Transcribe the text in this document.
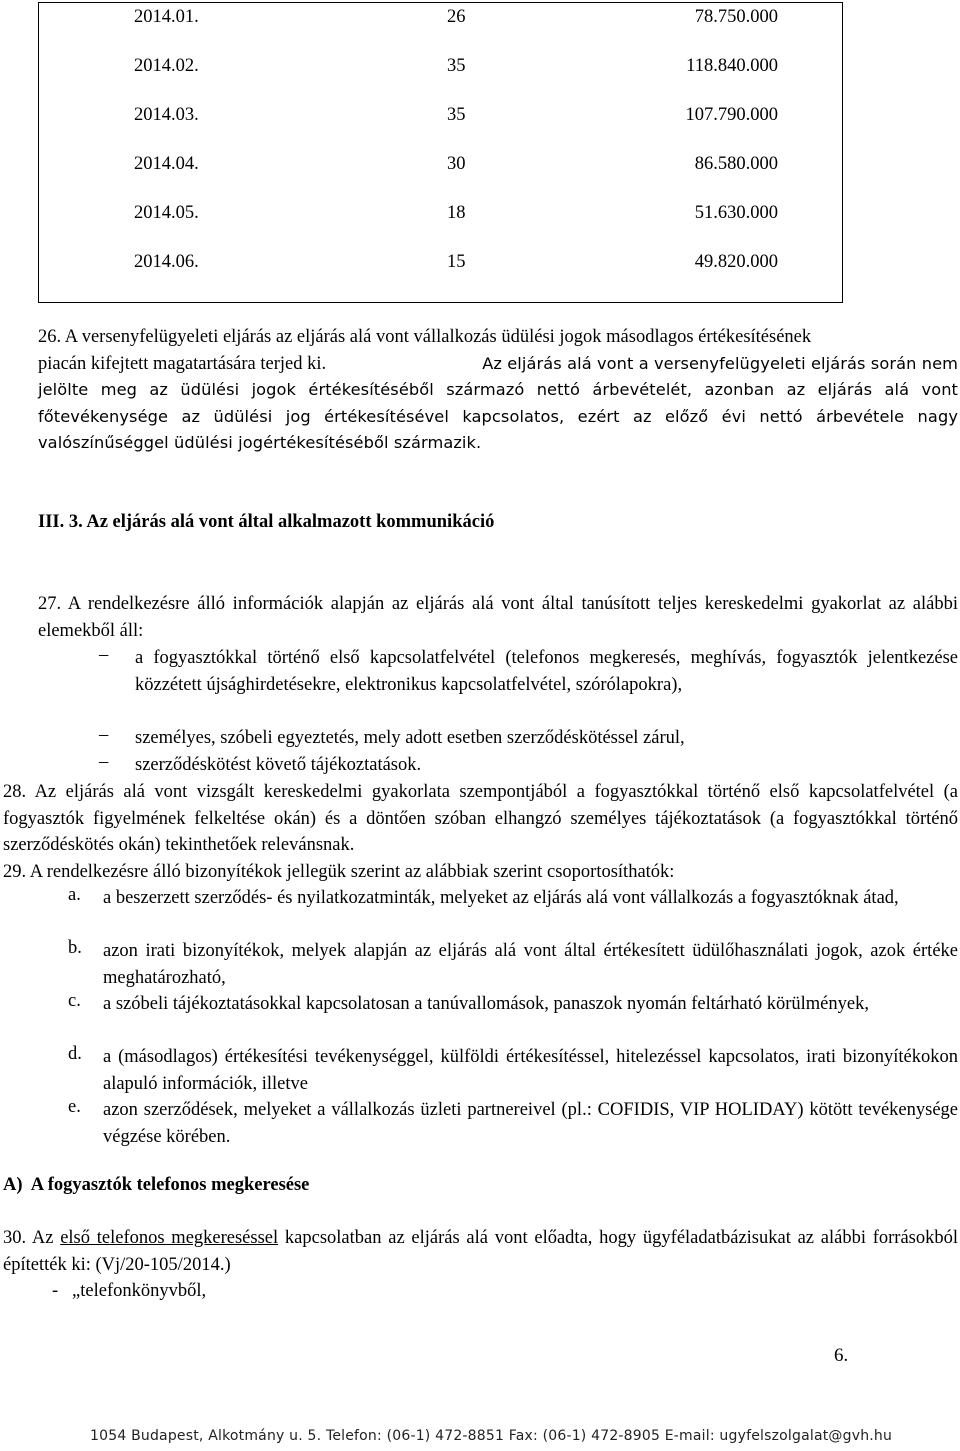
2014.01.	26	78.750.000
2014.02.	35	118.840.000
2014.03.	35	107.790.000
2014.04.	30	86.580.000
2014.05.	18	51.630.000
2014.06.	15	49.820.000
26. A versenyfelügyeleti eljárás az eljárás alá vont vállalkozás üdülési jogok másodlagos értékesítésének
piacán kifejtett magatartására terjed ki.	Az eljárás alá vont a versenyfelügyeleti eljárás során nem
jelölte meg az üdülési jogok értékesítéséből származó nettó árbevételét, azonban az eljárás alá vont főtevékenysége az üdülési jog értékesítésével kapcsolatos, ezért az előző évi nettó árbevétele nagy valószínűséggel üdülési jogértékesítéséből származik.
III. 3. Az eljárás alá vont által alkalmazott kommunikáció
27. A rendelkezésre álló információk alapján az eljárás alá vont által tanúsított teljes kereskedelmi gyakorlat az alábbi elemekből áll:
–	a fogyasztókkal történő első kapcsolatfelvétel (telefonos megkeresés, meghívás, fogyasztók jelentkezése közzétett újsághirdetésekre, elektronikus kapcsolatfelvétel, szórólapokra),
–	személyes, szóbeli egyeztetés, mely adott esetben szerződéskötéssel zárul,
–	szerződéskötést követő tájékoztatások.
28. Az eljárás alá vont vizsgált kereskedelmi gyakorlata szempontjából a fogyasztókkal történő első kapcsolatfelvétel (a fogyasztók figyelmének felkeltése okán) és a döntően szóban elhangzó személyes tájékoztatások (a fogyasztókkal történő szerződéskötés okán) tekinthetőek relevánsnak.
29. A rendelkezésre álló bizonyítékok jellegük szerint az alábbiak szerint csoportosíthatók:
a. a beszerzett szerződés- és nyilatkozatminták, melyeket az eljárás alá vont vállalkozás a fogyasztóknak átad,
b. azon irati bizonyítékok, melyek alapján az eljárás alá vont által értékesített üdülőhasználati jogok, azok értéke meghatározható,
c. a szóbeli tájékoztatásokkal kapcsolatosan a tanúvallomások, panaszok nyomán feltárható körülmények,
d. a (másodlagos) értékesítési tevékenységgel, külföldi értékesítéssel, hitelezéssel kapcsolatos, irati bizonyítékokon alapuló információk, illetve
e. azon szerződések, melyeket a vállalkozás üzleti partnereivel (pl.: COFIDIS, VIP HOLIDAY) kötött tevékenysége végzése körében.
A)  A fogyasztók telefonos megkeresése
30. Az első telefonos megkereséssel kapcsolatban az eljárás alá vont előadta, hogy ügyféladatbázisukat az alábbi forrásokból építették ki: (Vj/20-105/2014.)
-   „telefonkönyvből,
6.
1054 Budapest, Alkotmány u. 5. Telefon: (06-1) 472-8851 Fax: (06-1) 472-8905 E-mail: ugyfelszolgalat@gvh.hu
